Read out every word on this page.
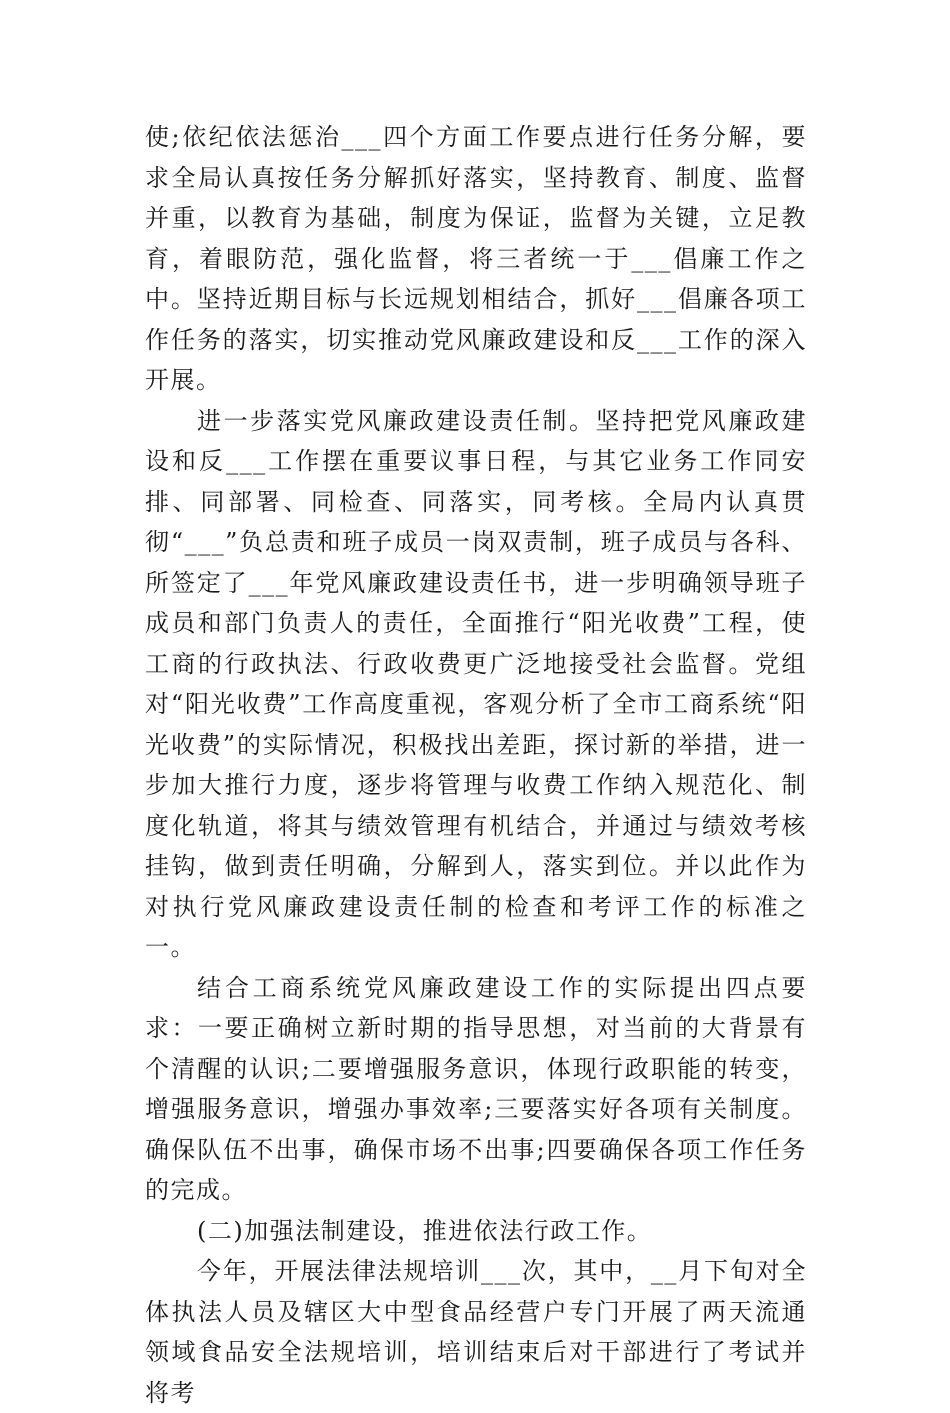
使;依纪依法惩治___四个方面工作要点进行任务分解，要求全局认真按任务分解抓好落实，坚持教育、制度、监督并重，以教育为基础，制度为保证，监督为关键，立足教育，着眼防范，强化监督，将三者统一于___倡廉工作之中。坚持近期目标与长远规划相结合，抓好___倡廉各项工作任务的落实，切实推动党风廉政建设和反___工作的深入开展。

进一步落实党风廉政建设责任制。坚持把党风廉政建设和反___工作摆在重要议事日程，与其它业务工作同安排、同部署、同检查、同落实，同考核。全局内认真贯彻“___”负总责和班子成员一岗双责制，班子成员与各科、所签定了___年党风廉政建设责任书，进一步明确领导班子成员和部门负责人的责任，全面推行“阳光收费”工程，使工商的行政执法、行政收费更广泛地接受社会监督。党组对“阳光收费”工作高度重视，客观分析了全市工商系统“阳光收费”的实际情况，积极找出差距，探讨新的举措，进一步加大推行力度，逐步将管理与收费工作纳入规范化、制度化轨道，将其与绩效管理有机结合，并通过与绩效考核挂钩，做到责任明确，分解到人，落实到位。并以此作为对执行党风廉政建设责任制的检查和考评工作的标准之一。

结合工商系统党风廉政建设工作的实际提出四点要求：一要正确树立新时期的指导思想，对当前的大背景有个清醒的认识;二要增强服务意识，体现行政职能的转变，增强服务意识，增强办事效率;三要落实好各项有关制度。确保队伍不出事，确保市场不出事;四要确保各项工作任务的完成。

(二)加强法制建设，推进依法行政工作。

今年，开展法律法规培训___次，其中，__月下旬对全体执法人员及辖区大中型食品经营户专门开展了两天流通领域食品安全法规培训，培训结束后对干部进行了考试并将考
